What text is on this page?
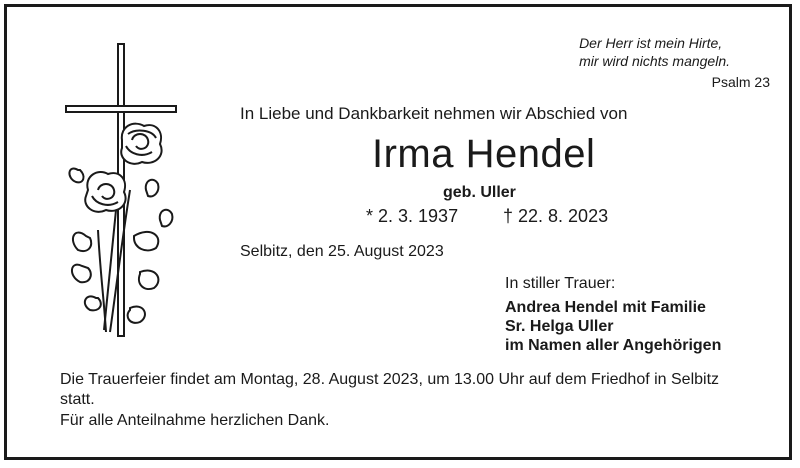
Der Herr ist mein Hirte,
mir wird nichts mangeln.
Psalm 23
In Liebe und Dankbarkeit nehmen wir Abschied von
Irma Hendel
geb. Uller
* 2. 3. 1937 † 22. 8. 2023
Selbitz, den 25. August 2023
In stiller Trauer:
Andrea Hendel mit Familie
Sr. Helga Uller
im Namen aller Angehörigen
Die Trauerfeier findet am Montag, 28. August 2023, um 13.00 Uhr auf dem Friedhof in Selbitz statt.
Für alle Anteilnahme herzlichen Dank.
